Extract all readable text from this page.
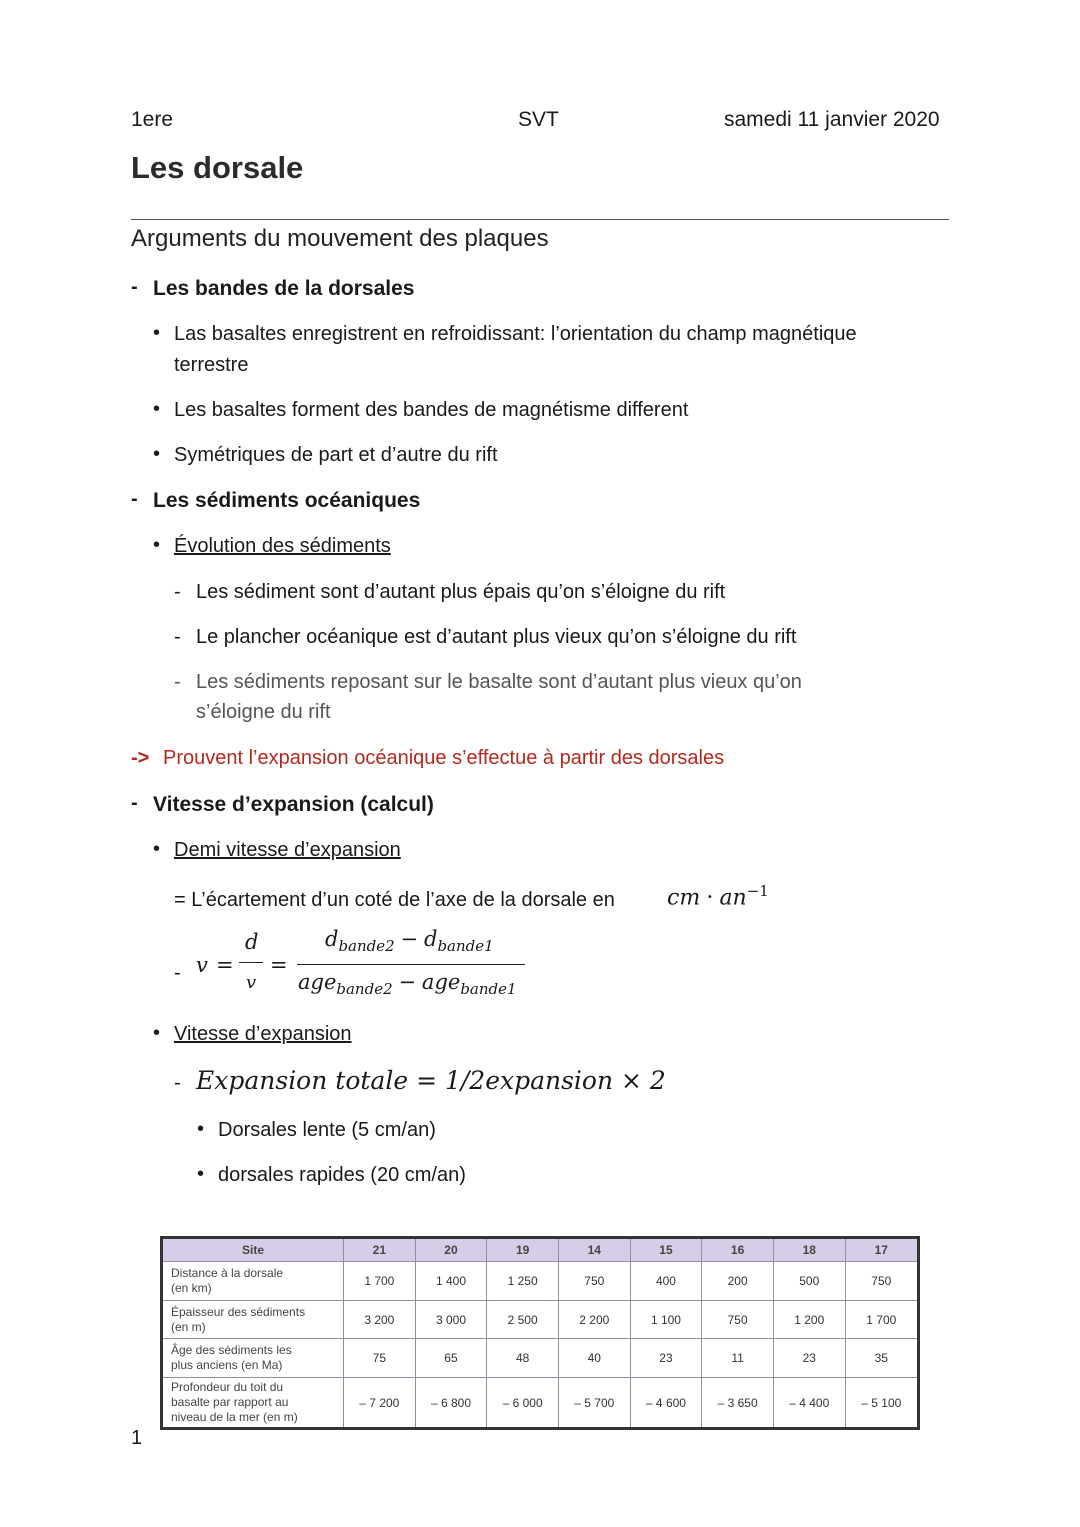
1ere	SVT	samedi 11 janvier 2020
Les dorsale
Arguments du mouvement des plaques
- Les bandes de la dorsales
• Las basaltes enregistrent en refroidissant: l’orientation du champ magnétique
terrestre
• Les basaltes forment des bandes de magnétisme different
• Symétriques de part et d’autre du rift
- Les sédiments océaniques
• Évolution des sédiments
- Les sédiment sont d’autant plus épais qu’on s’éloigne du rift
- Le plancher océanique est d’autant plus vieux qu’on s’éloigne du rift
- Les sédiments reposant sur le basalte sont d’autant plus vieux qu’on
s’éloigne du rift
-> Prouvent l’expansion océanique s’effectue à partir des dorsales
- Vitesse d’expansion (calcul)
• Demi vitesse d’expansion
= L’écartement d’un coté de l’axe de la dorsale en cm · $an^{-1}$
- v =
d
v
=
$d_{bande2} - d_{bande1}$
age$_{bande2}$ − age$_{bande1}$
• Vitesse d’expansion
- Expansion totale = 1/2expansion × 2
• Dorsales lente (5 cm/an)
• dorsales rapides (20 cm/an)
Site	21	20	19	14	15	16	18	17
Distance à la dorsale
(en km)	1 700	1 400	1 250	750	400	200	500	750
Épaisseur des sédiments
(en m)	3 200	3 000	2 500	2 200	1 100	750	1 200	1 700
Âge des sédiments les
plus anciens (en Ma)	75	65	48	40	23	11	23	35
Profondeur du toit du
basalte par rapport au
niveau de la mer (en m)	– 7 200	– 6 800	– 6 000	– 5 700	– 4 600	– 3 650	– 4 400	– 5 100
1
